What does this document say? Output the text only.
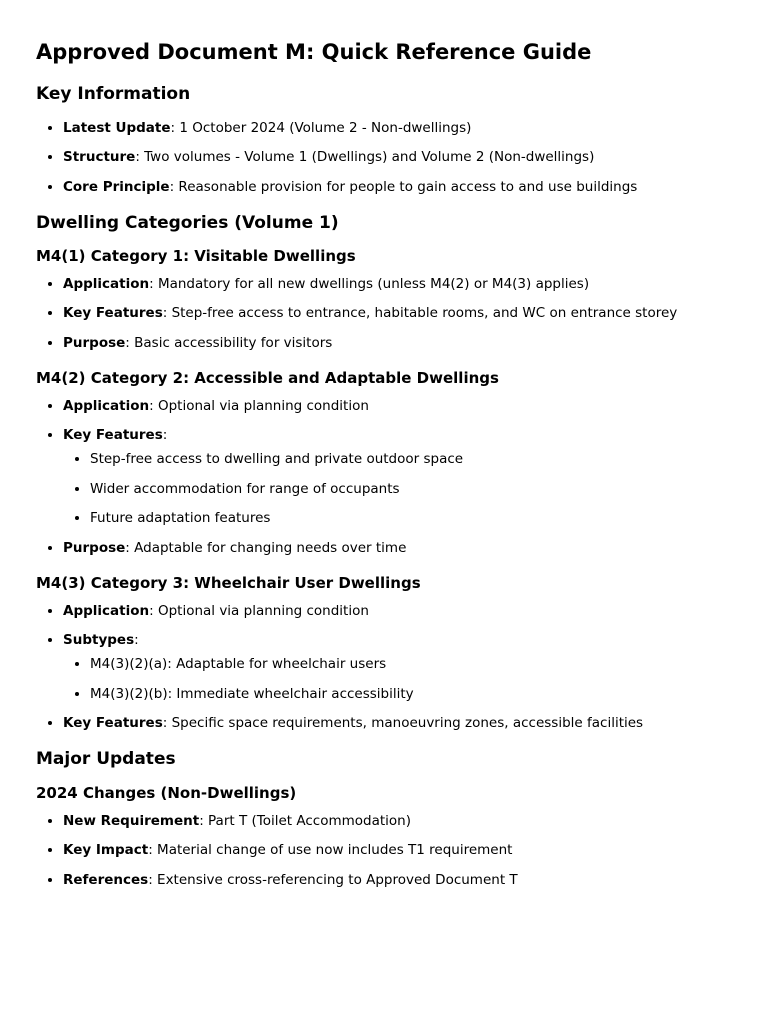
Approved Document M: Quick Reference Guide
Key Information
• Latest Update: 1 October 2024 (Volume 2 - Non-dwellings)
• Structure: Two volumes - Volume 1 (Dwellings) and Volume 2 (Non-dwellings)
• Core Principle: Reasonable provision for people to gain access to and use buildings
Dwelling Categories (Volume 1)
M4(1) Category 1: Visitable Dwellings
• Application: Mandatory for all new dwellings (unless M4(2) or M4(3) applies)
• Key Features: Step-free access to entrance, habitable rooms, and WC on entrance storey
• Purpose: Basic accessibility for visitors
M4(2) Category 2: Accessible and Adaptable Dwellings
• Application: Optional via planning condition
• Key Features:
• Step-free access to dwelling and private outdoor space
• Wider accommodation for range of occupants
• Future adaptation features
• Purpose: Adaptable for changing needs over time
M4(3) Category 3: Wheelchair User Dwellings
• Application: Optional via planning condition
• Subtypes:
• M4(3)(2)(a): Adaptable for wheelchair users
• M4(3)(2)(b): Immediate wheelchair accessibility
• Key Features: Specific space requirements, manoeuvring zones, accessible facilities
Major Updates
2024 Changes (Non-Dwellings)
• New Requirement: Part T (Toilet Accommodation)
• Key Impact: Material change of use now includes T1 requirement
• References: Extensive cross-referencing to Approved Document T
